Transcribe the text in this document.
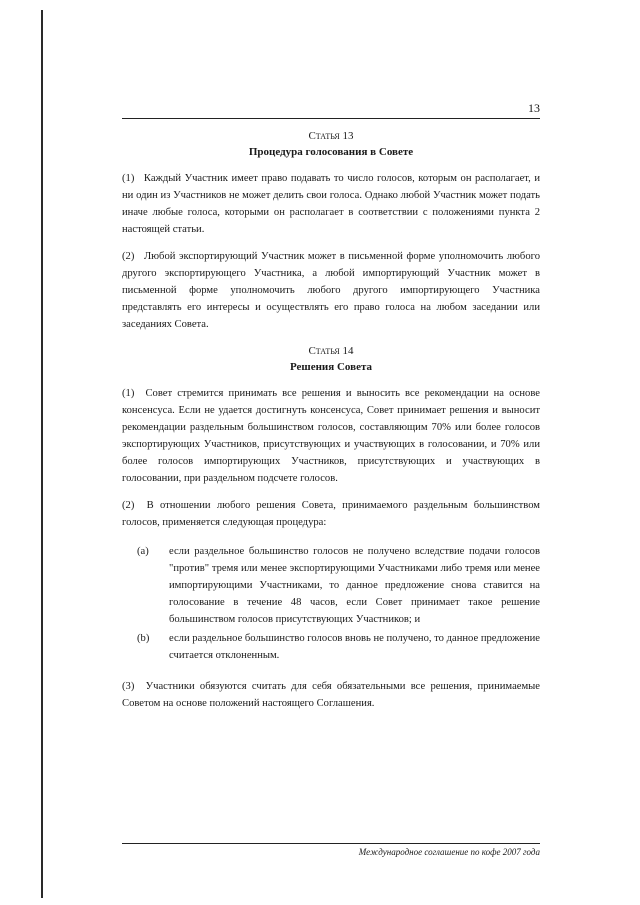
13

Статья 13

Процедура голосования в Совете

(1) Каждый Участник имеет право подавать то число голосов, которым он располагает, и ни один из Участников не может делить свои голоса. Однако любой Участник может подать иначе любые голоса, которыми он располагает в соответствии с положениями пункта 2 настоящей статьи.

(2) Любой экспортирующий Участник может в письменной форме уполномочить любого другого экспортирующего Участника, а любой импортирующий Участник может в письменной форме уполномочить любого другого импортирующего Участника представлять его интересы и осуществлять его право голоса на любом заседании или заседаниях Совета.

Статья 14

Решения Совета

(1) Совет стремится принимать все решения и выносить все рекомендации на основе консенсуса. Если не удается достигнуть консенсуса, Совет принимает решения и выносит рекомендации раздельным большинством голосов, составляющим 70% или более голосов экспортирующих Участников, присутствующих и участвующих в голосовании, и 70% или более голосов импортирующих Участников, присутствующих и участвующих в голосовании, при раздельном подсчете голосов.

(2) В отношении любого решения Совета, принимаемого раздельным большинством голосов, применяется следующая процедура:

(a)	если раздельное большинство голосов не получено вследствие подачи голосов "против" тремя или менее экспортирующими Участниками либо тремя или менее импортирующими Участниками, то данное предложение снова ставится на голосование в течение 48 часов, если Совет принимает такое решение большинством голосов присутствующих Участников; и
(b)	если раздельное большинство голосов вновь не получено, то данное предложение считается отклоненным.

(3) Участники обязуются считать для себя обязательными все решения, принимаемые Советом на основе положений настоящего Соглашения.

Международное соглашение по кофе 2007 года
